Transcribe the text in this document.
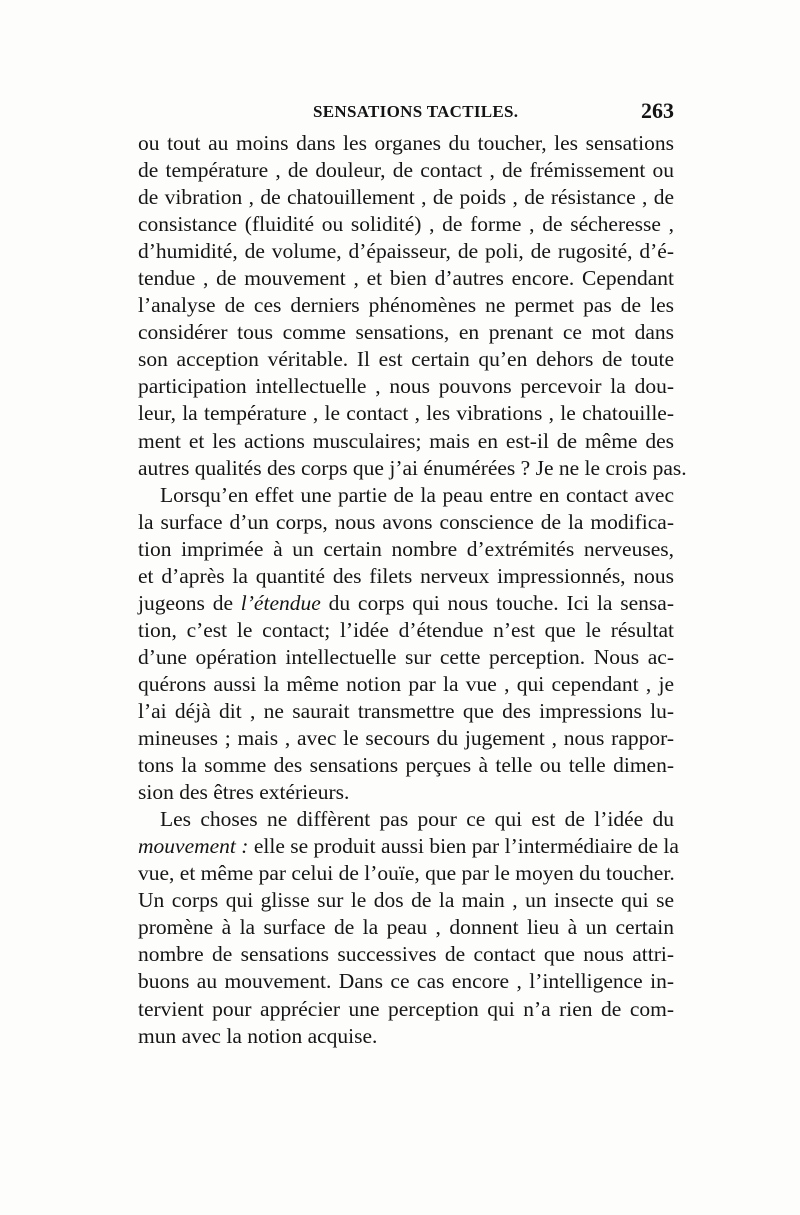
SENSATIONS TACTILES.	263
ou tout au moins dans les organes du toucher, les sensations
de température , de douleur, de contact , de frémissement ou
de vibration , de chatouillement , de poids , de résistance , de
consistance (fluidité ou solidité) , de forme , de sécheresse ,
d’humidité, de volume, d’épaisseur, de poli, de rugosité, d’é-
tendue , de mouvement , et bien d’autres encore. Cependant
l’analyse de ces derniers phénomènes ne permet pas de les
considérer tous comme sensations, en prenant ce mot dans
son acception véritable. Il est certain qu’en dehors de toute
participation intellectuelle , nous pouvons percevoir la dou-
leur, la température , le contact , les vibrations , le chatouille-
ment et les actions musculaires; mais en est-il de même des
autres qualités des corps que j’ai énumérées ? Je ne le crois pas.
Lorsqu’en effet une partie de la peau entre en contact avec
la surface d’un corps, nous avons conscience de la modifica-
tion imprimée à un certain nombre d’extrémités nerveuses,
et d’après la quantité des filets nerveux impressionnés, nous
jugeons de l’étendue du corps qui nous touche. Ici la sensa-
tion, c’est le contact; l’idée d’étendue n’est que le résultat
d’une opération intellectuelle sur cette perception. Nous ac-
quérons aussi la même notion par la vue , qui cependant , je
l’ai déjà dit , ne saurait transmettre que des impressions lu-
mineuses ; mais , avec le secours du jugement , nous rappor-
tons la somme des sensations perçues à telle ou telle dimen-
sion des êtres extérieurs.
Les choses ne diffèrent pas pour ce qui est de l’idée du
mouvement : elle se produit aussi bien par l’intermédiaire de la
vue, et même par celui de l’ouïe, que par le moyen du toucher.
Un corps qui glisse sur le dos de la main , un insecte qui se
promène à la surface de la peau , donnent lieu à un certain
nombre de sensations successives de contact que nous attri-
buons au mouvement. Dans ce cas encore , l’intelligence in-
tervient pour apprécier une perception qui n’a rien de com-
mun avec la notion acquise.
